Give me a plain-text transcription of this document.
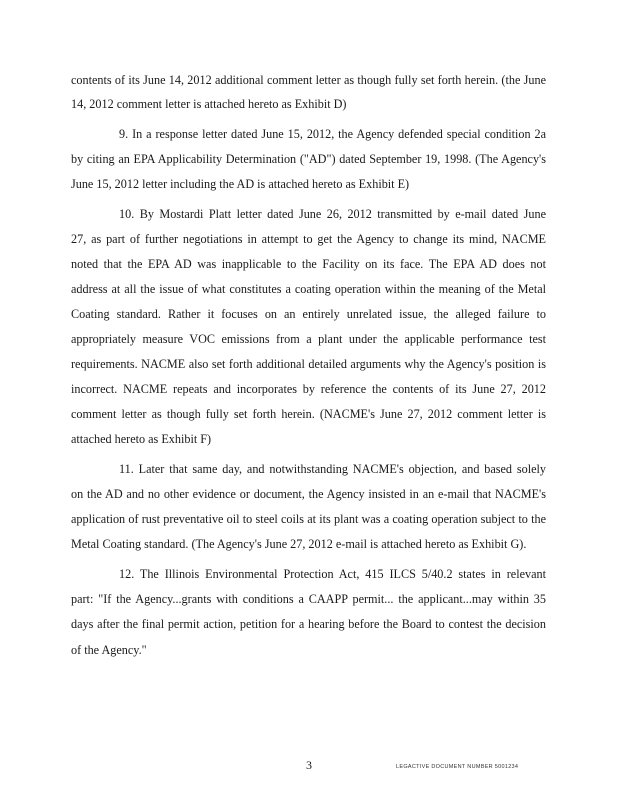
contents of its June 14, 2012 additional comment letter as though fully set forth herein. (the June
14, 2012 comment letter is attached hereto as Exhibit D)
9. In a response letter dated June 15, 2012, the Agency defended special condition 2a
by citing an EPA Applicability Determination ("AD") dated September 19, 1998. (The Agency's
June 15, 2012 letter including the AD is attached hereto as Exhibit E)
10. By Mostardi Platt letter dated June 26, 2012 transmitted by e-mail dated June
27, as part of further negotiations in attempt to get the Agency to change its mind, NACME
noted that the EPA AD was inapplicable to the Facility on its face. The EPA AD does not
address at all the issue of what constitutes a coating operation within the meaning of the Metal
Coating standard. Rather it focuses on an entirely unrelated issue, the alleged failure to
appropriately measure VOC emissions from a plant under the applicable performance test
requirements. NACME also set forth additional detailed arguments why the Agency's position is
incorrect. NACME repeats and incorporates by reference the contents of its June 27, 2012
comment letter as though fully set forth herein. (NACME's June 27, 2012 comment letter is
attached hereto as Exhibit F)
11. Later that same day, and notwithstanding NACME's objection, and based solely
on the AD and no other evidence or document, the Agency insisted in an e-mail that NACME's
application of rust preventative oil to steel coils at its plant was a coating operation subject to the
Metal Coating standard. (The Agency's June 27, 2012 e-mail is attached hereto as Exhibit G).
12. The Illinois Environmental Protection Act, 415 ILCS 5/40.2 states in relevant
part: "If the Agency...grants with conditions a CAAPP permit... the applicant...may within 35
days after the final permit action, petition for a hearing before the Board to contest the decision
of the Agency."
3	LEGACTIVE DOCUMENT NUMBER 5001234
